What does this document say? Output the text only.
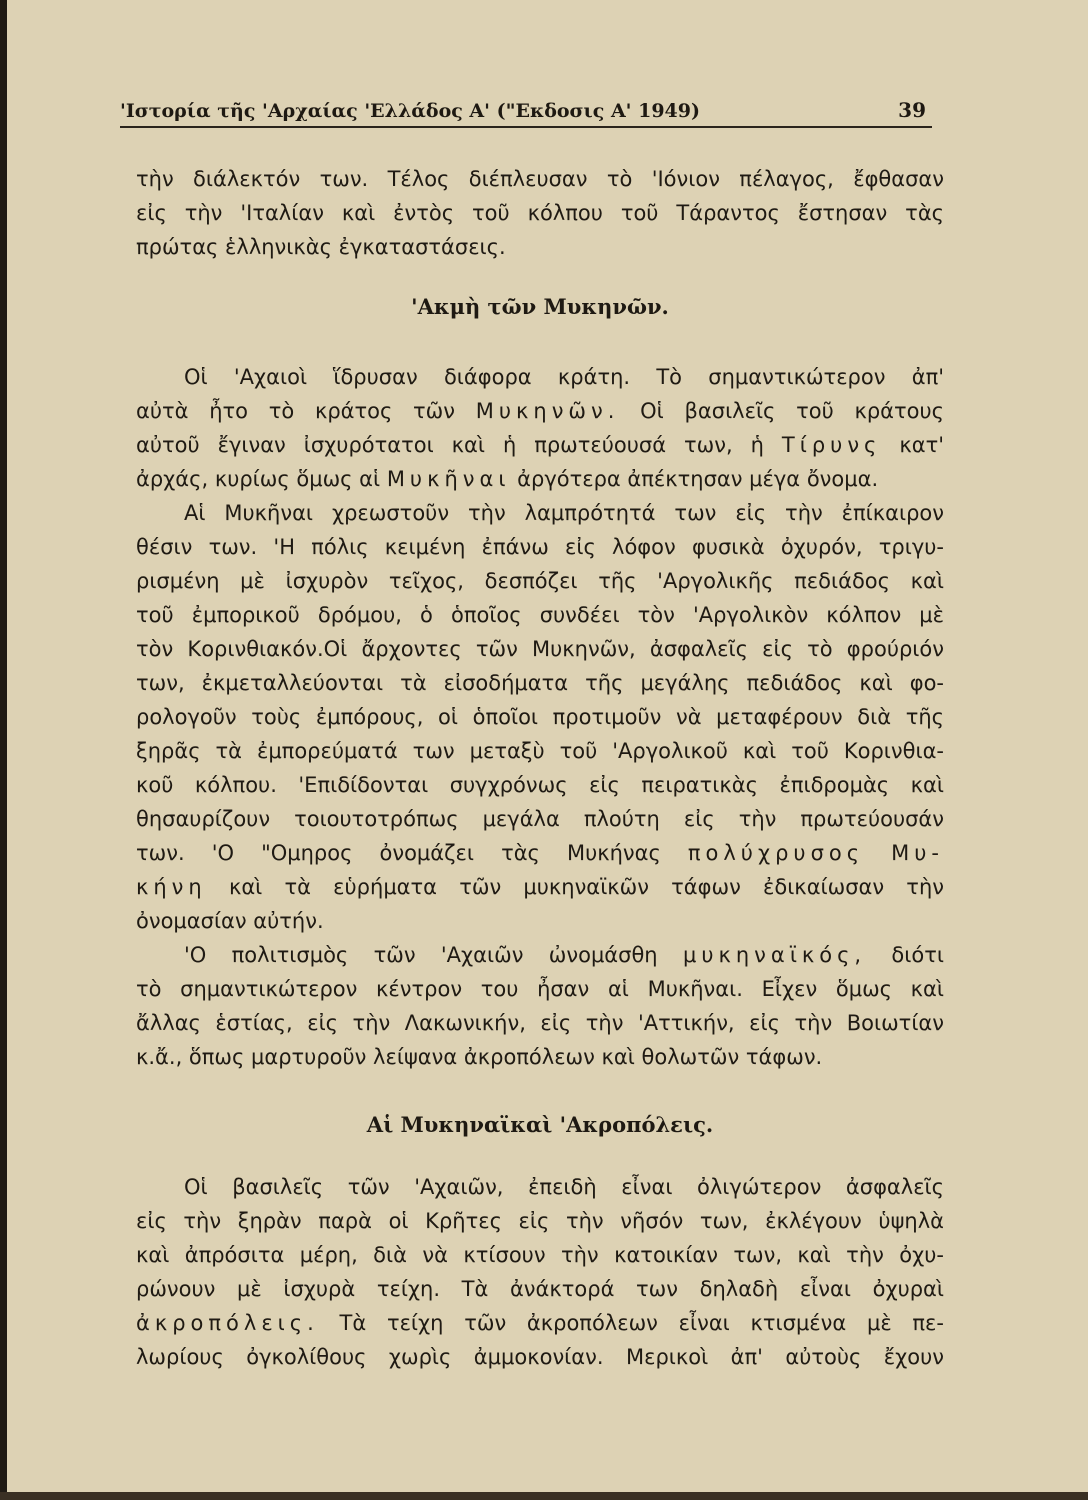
'Ιστορία τῆς 'Αρχαίας 'Ελλάδος Α' ("Εκδοσις Α' 1949)	39
τὴν διάλεκτόν των. Τέλος διέπλευσαν τὸ 'Ιόνιον πέλαγος, ἔφθασαν
εἰς τὴν 'Ιταλίαν καὶ ἐντὸς τοῦ κόλπου τοῦ Τάραντος ἔστησαν τὰς
πρώτας ἑλληνικὰς ἐγκαταστάσεις.
'Ακμὴ τῶν Μυκηνῶν.
Οἱ 'Αχαιοὶ ἵδρυσαν διάφορα κράτη. Τὸ σημαντικώτερον ἀπ'
αὐτὰ ἦτο τὸ κράτος τῶν Μυκηνῶν. Οἱ βασιλεῖς τοῦ κράτους
αὐτοῦ ἔγιναν ἰσχυρότατοι καὶ ἡ πρωτεύουσά των, ἡ Τίρυνς κατ'
ἀρχάς, κυρίως ὅμως αἱ Μυκῆναι ἀργότερα ἀπέκτησαν μέγα ὄνομα.
Αἱ Μυκῆναι χρεωστοῦν τὴν λαμπρότητά των εἰς τὴν ἐπίκαιρον
θέσιν των. 'Η πόλις κειμένη ἐπάνω εἰς λόφον φυσικὰ ὀχυρόν, τριγυ-
ρισμένη μὲ ἰσχυρὸν τεῖχος, δεσπόζει τῆς 'Αργολικῆς πεδιάδος καὶ
τοῦ ἐμπορικοῦ δρόμου, ὁ ὁποῖος συνδέει τὸν 'Αργολικὸν κόλπον μὲ
τὸν Κορινθιακόν.Οἱ ἄρχοντες τῶν Μυκηνῶν, ἀσφαλεῖς εἰς τὸ φρούριόν
των, ἐκμεταλλεύονται τὰ εἰσοδήματα τῆς μεγάλης πεδιάδος καὶ φο-
ρολογοῦν τοὺς ἐμπόρους, οἱ ὁποῖοι προτιμοῦν νὰ μεταφέρουν διὰ τῆς
ξηρᾶς τὰ ἐμπορεύματά των μεταξὺ τοῦ 'Αργολικοῦ καὶ τοῦ Κορινθια-
κοῦ κόλπου. 'Επιδίδονται συγχρόνως εἰς πειρατικὰς ἐπιδρομὰς καὶ
θησαυρίζουν τοιουτοτρόπως μεγάλα πλούτη εἰς τὴν πρωτεύουσάν
των. 'Ο "Ομηρος ὀνομάζει τὰς Μυκήνας πολύχρυσος Μυ-
κήνη καὶ τὰ εὑρήματα τῶν μυκηναϊκῶν τάφων ἐδικαίωσαν τὴν
ὀνομασίαν αὐτήν.
'Ο πολιτισμὸς τῶν 'Αχαιῶν ὠνομάσθη μυκηναϊκός, διότι
τὸ σημαντικώτερον κέντρον του ἦσαν αἱ Μυκῆναι. Εἶχεν ὅμως καὶ
ἄλλας ἑστίας, εἰς τὴν Λακωνικήν, εἰς τὴν 'Αττικήν, εἰς τὴν Βοιωτίαν
κ.ἄ., ὅπως μαρτυροῦν λείψανα ἀκροπόλεων καὶ θολωτῶν τάφων.
Αἱ Μυκηναϊκαὶ 'Ακροπόλεις.
Οἱ βασιλεῖς τῶν 'Αχαιῶν, ἐπειδὴ εἶναι ὀλιγώτερον ἀσφαλεῖς
εἰς τὴν ξηρὰν παρὰ οἱ Κρῆτες εἰς τὴν νῆσόν των, ἐκλέγουν ὑψηλὰ
καὶ ἀπρόσιτα μέρη, διὰ νὰ κτίσουν τὴν κατοικίαν των, καὶ τὴν ὀχυ-
ρώνουν μὲ ἰσχυρὰ τείχη. Τὰ ἀνάκτορά των δηλαδὴ εἶναι ὀχυραὶ
ἀκροπόλεις. Τὰ τείχη τῶν ἀκροπόλεων εἶναι κτισμένα μὲ πε-
λωρίους ὀγκολίθους χωρὶς ἀμμοκονίαν. Μερικοὶ ἀπ' αὐτοὺς ἔχουν
